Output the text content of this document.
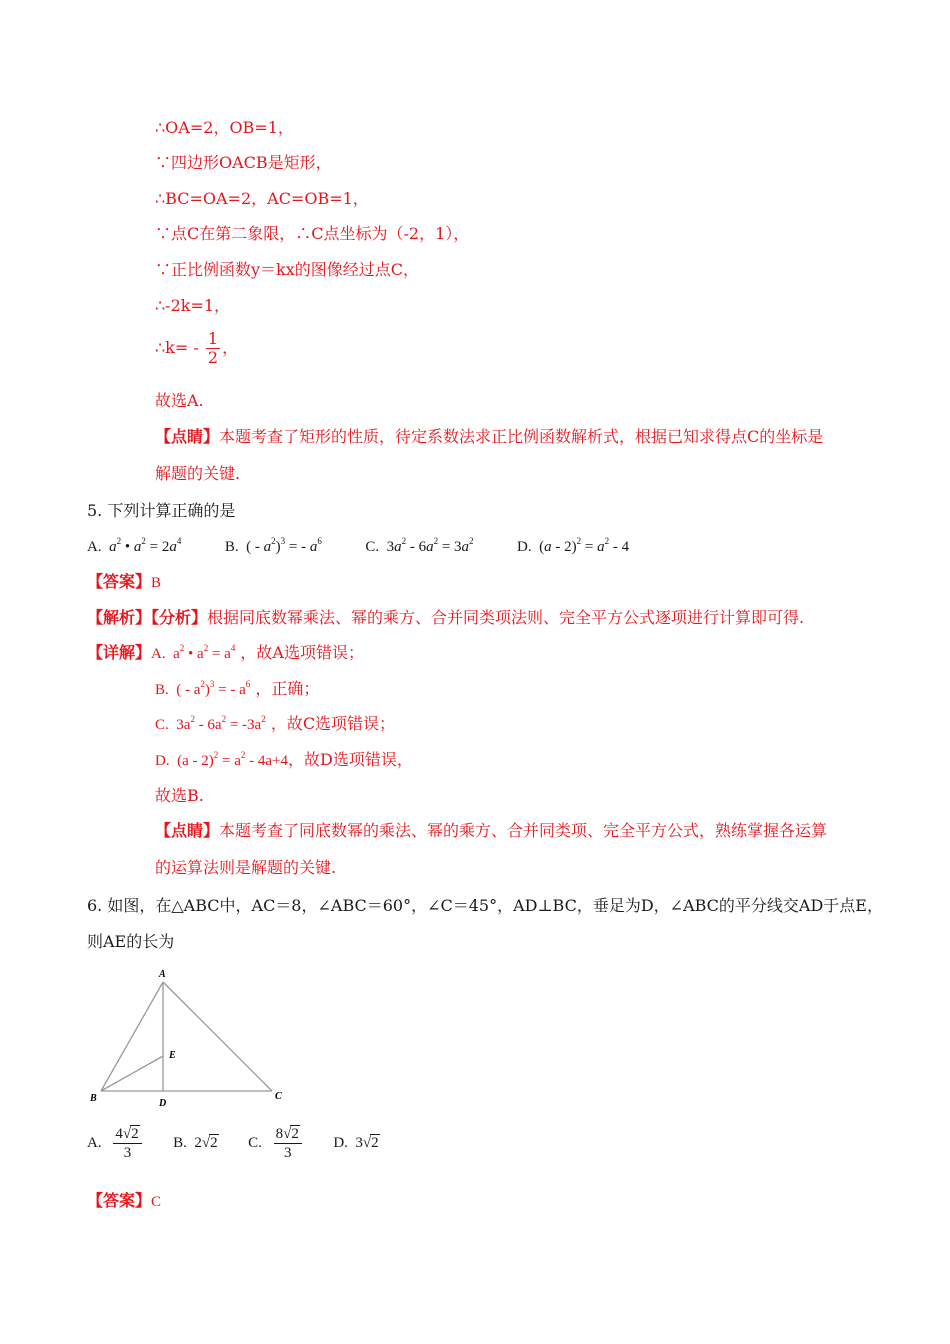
∴OA=2，OB=1，
∵四边形OACB是矩形，
∴BC=OA=2，AC=OB=1，
∵点C在第二象限，∴C点坐标为（-2，1），
∵正比例函数y＝kx的图像经过点C，
∴-2k=1，
∴k= - $\frac{1}{2}$ ，
故选A.
【点睛】本题考查了矩形的性质，待定系数法求正比例函数解析式，根据已知求得点C的坐标是
解题的关键.
5. 下列计算正确的是
A. $a^2$ • $a^2 = 2a^4$	B.  ( - $a^2)^3$ = - $a^6$	C.  $3a^2 - 6a^2 = 3a^2$	D.  $(a - 2)^2 = a^2 - 4$
【答案】B
【解析】【分析】根据同底数幂乘法、幂的乘方、合并同类项法则、完全平方公式逐项进行计算即可得.
【详解】A.  $a^2$ • $a^2 = a^4$ ，故A选项错误；
B.  ( - $a^2)^3$ = - $a^6$ ，正确；
C.  $3a^2 - 6a^2 = -3a^2$ ，故C选项错误；
D.  $(a - 2)^2 = a^2 - 4a+4$，故D选项错误，
故选B.
【点睛】本题考查了同底数幂的乘法、幂的乘方、合并同类项、完全平方公式，熟练掌握各运算
的运算法则是解题的关键.
6. 如图，在△ABC中，AC＝8，∠ABC＝60°，∠C＝45°，AD⊥BC，垂足为D，∠ABC的平分线交AD于点E，
则AE的长为
A
B	C
D
E
A. $\frac{4√2}{3} B$. 2√2 C. $\frac{8√2}{3} D$. 3√2
【答案】C
